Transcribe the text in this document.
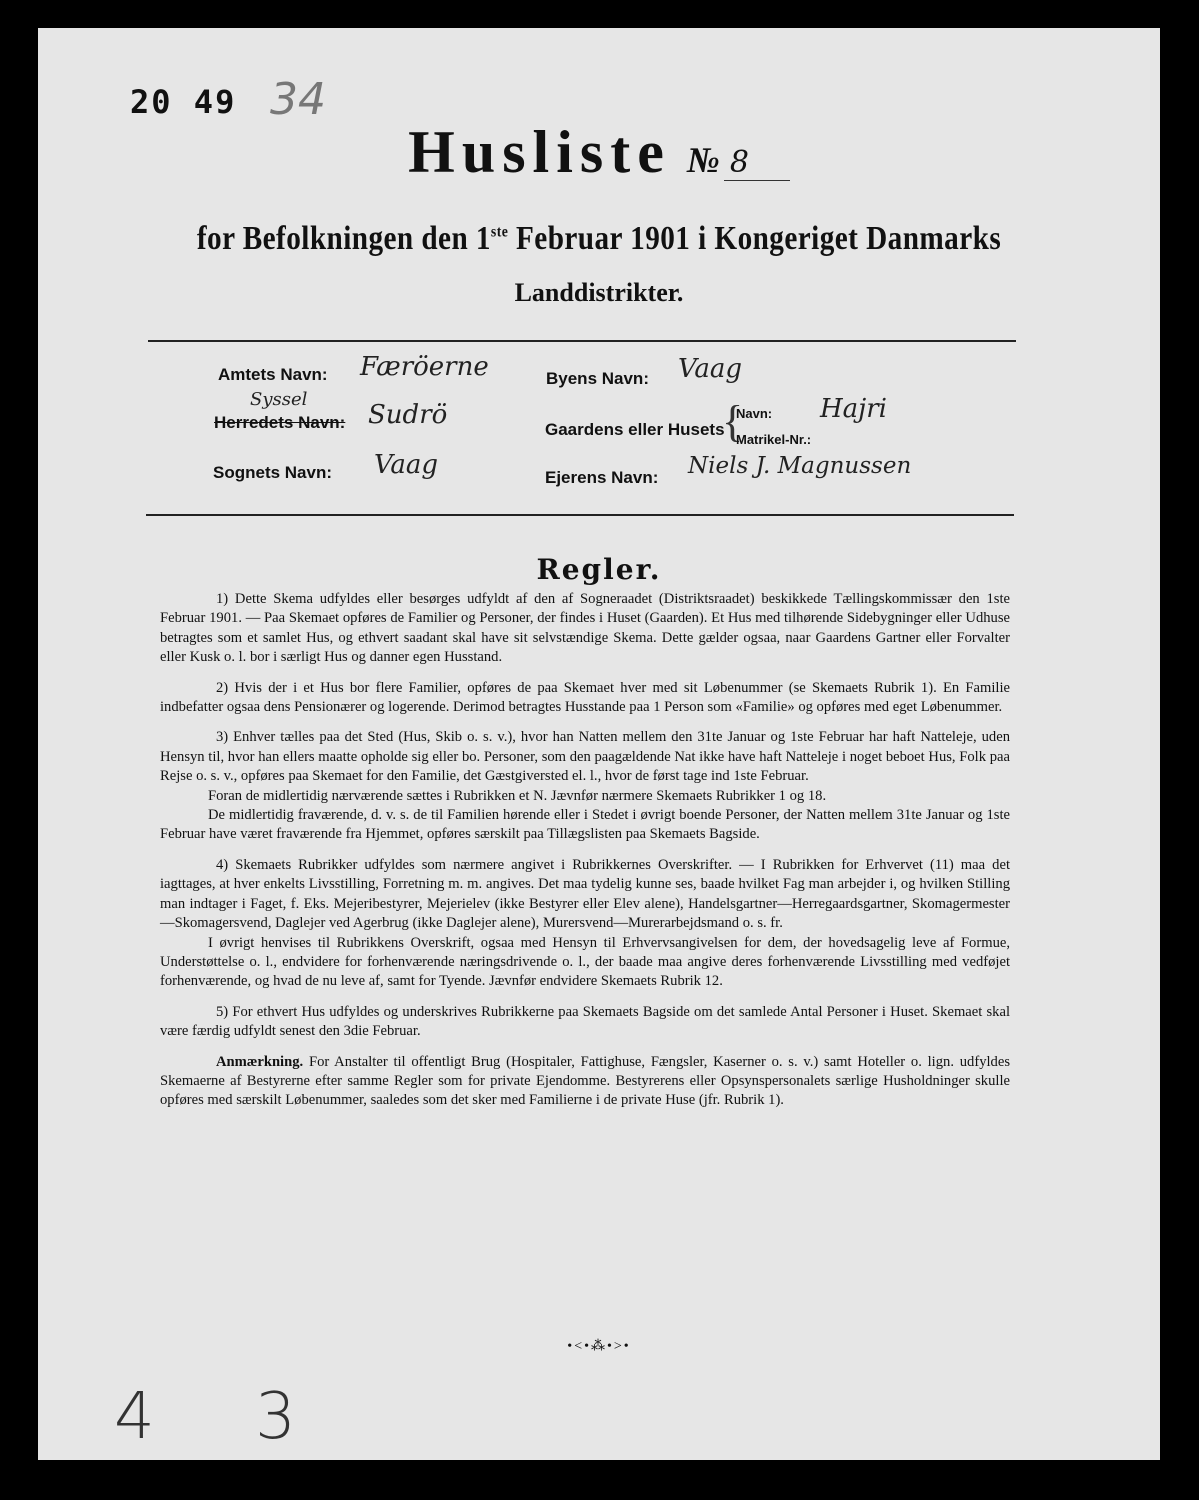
20 49 34
Husliste № 8
for Befolkningen den 1ste Februar 1901 i Kongeriget Danmarks
Landdistrikter.
Amtets Navn: Færöerne
Syssel
Herredets Navn: Sudrö
Sognets Navn: Vaag
Byens Navn: Vaag
Gaardens eller Husets
{
Navn: Hajri
Matrikel-Nr.:
Ejerens Navn: Niels J. Magnussen
Regler.

1) Dette Skema udfyldes eller besørges udfyldt af den af Sogneraadet (Distriktsraadet) beskikkede Tællingskommissær den 1ste Februar 1901. — Paa Skemaet opføres de Familier og Personer, der findes i Huset (Gaarden). Et Hus med tilhørende Sidebygninger eller Udhuse betragtes som et samlet Hus, og ethvert saadant skal have sit selvstændige Skema. Dette gælder ogsaa, naar Gaardens Gartner eller Forvalter eller Kusk o. l. bor i særligt Hus og danner egen Husstand.

2) Hvis der i et Hus bor flere Familier, opføres de paa Skemaet hver med sit Løbenummer (se Skemaets Rubrik 1). En Familie indbefatter ogsaa dens Pensionærer og logerende. Derimod betragtes Husstande paa 1 Person som «Familie» og opføres med eget Løbenummer.

3) Enhver tælles paa det Sted (Hus, Skib o. s. v.), hvor han Natten mellem den 31te Januar og 1ste Februar har haft Natteleje, uden Hensyn til, hvor han ellers maatte opholde sig eller bo. Personer, som den paagældende Nat ikke have haft Natteleje i noget beboet Hus, Folk paa Rejse o. s. v., opføres paa Skemaet for den Familie, det Gæstgiversted el. l., hvor de først tage ind 1ste Februar.

Foran de midlertidig nærværende sættes i Rubrikken et N. Jævnfør nærmere Skemaets Rubrikker 1 og 18.

De midlertidig fraværende, d. v. s. de til Familien hørende eller i Stedet i øvrigt boende Personer, der Natten mellem 31te Januar og 1ste Februar have været fraværende fra Hjemmet, opføres særskilt paa Tillægslisten paa Skemaets Bagside.

4) Skemaets Rubrikker udfyldes som nærmere angivet i Rubrikkernes Overskrifter. — I Rubrikken for Erhvervet (11) maa det iagttages, at hver enkelts Livsstilling, Forretning m. m. angives. Det maa tydelig kunne ses, baade hvilket Fag man arbejder i, og hvilken Stilling man indtager i Faget, f. Eks. Mejeribestyrer, Mejerielev (ikke Bestyrer eller Elev alene), Handelsgartner—Herregaardsgartner, Skomagermester—Skomagersvend, Daglejer ved Agerbrug (ikke Daglejer alene), Murersvend—Murerarbejdsmand o. s. fr.

I øvrigt henvises til Rubrikkens Overskrift, ogsaa med Hensyn til Erhvervsangivelsen for dem, der hovedsagelig leve af Formue, Understøttelse o. l., endvidere for forhenværende næringsdrivende o. l., der baade maa angive deres forhenværende Livsstilling med vedføjet forhenværende, og hvad de nu leve af, samt for Tyende. Jævnfør endvidere Skemaets Rubrik 12.

5) For ethvert Hus udfyldes og underskrives Rubrikkerne paa Skemaets Bagside om det samlede Antal Personer i Huset. Skemaet skal være færdig udfyldt senest den 3die Februar.

Anmærkning. For Anstalter til offentligt Brug (Hospitaler, Fattighuse, Fængsler, Kaserner o. s. v.) samt Hoteller o. lign. udfyldes Skemaerne af Bestyrerne efter samme Regler som for private Ejendomme. Bestyrerens eller Opsynspersonalets særlige Husholdninger skulle opføres med særskilt Løbenummer, saaledes som det sker med Familierne i de private Huse (jfr. Rubrik 1).

•<•⁂•>•
4 3
